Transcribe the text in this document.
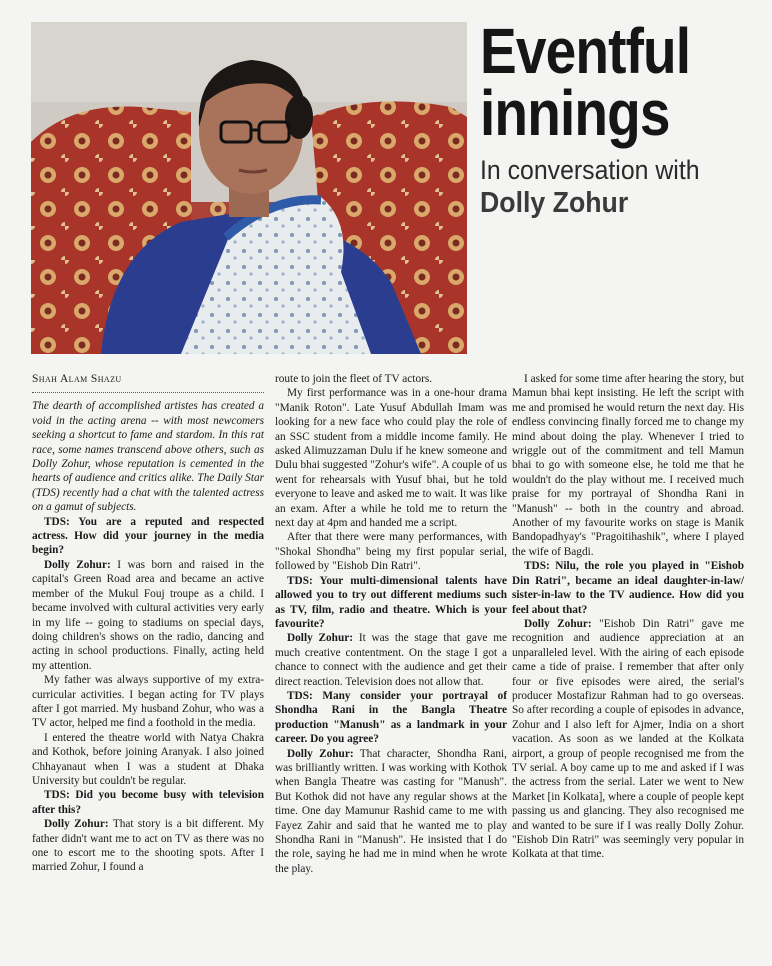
Eventful
innings
In conversation with
Dolly Zohur

Shah Alam Shazu

The dearth of accomplished artistes has created a void in the acting arena -- with most newcomers seeking a shortcut to fame and stardom. In this rat race, some names transcend above others, such as Dolly Zohur, whose reputation is cemented in the hearts of audience and critics alike. The Daily Star (TDS) recently had a chat with the talented actress on a gamut of subjects.

TDS: You are a reputed and respected actress. How did your journey in the media begin?

Dolly Zohur: I was born and raised in the capital's Green Road area and became an active member of the Mukul Fouj troupe as a child. I became involved with cultural activities very early in my life -- going to stadiums on special days, doing children's shows on the radio, dancing and acting in school productions. Finally, acting held my attention.

My father was always supportive of my extra-curricular activities. I began acting for TV plays after I got married. My husband Zohur, who was a TV actor, helped me find a foothold in the media.

I entered the theatre world with Natya Chakra and Kothok, before joining Aranyak. I also joined Chhayanaut when I was a student at Dhaka University but couldn't be regular.

TDS: Did you become busy with television after this?

Dolly Zohur: That story is a bit different. My father didn't want me to act on TV as there was no one to escort me to the shooting spots. After I married Zohur, I found a

route to join the fleet of TV actors.

My first performance was in a one-hour drama "Manik Roton". Late Yusuf Abdullah Imam was looking for a new face who could play the role of an SSC student from a middle income family. He asked Alimuzzaman Dulu if he knew someone and Dulu bhai suggested "Zohur's wife". A couple of us went for rehearsals with Yusuf bhai, but he told everyone to leave and asked me to wait. It was like an exam. After a while he told me to return the next day at 4pm and handed me a script.

After that there were many performances, with "Shokal Shondha" being my first popular serial, followed by "Eishob Din Ratri".

TDS: Your multi-dimensional talents have allowed you to try out different mediums such as TV, film, radio and theatre. Which is your favourite?

Dolly Zohur: It was the stage that gave me much creative contentment. On the stage I got a chance to connect with the audience and get their direct reaction. Television does not allow that.

TDS: Many consider your portrayal of Shondha Rani in the Bangla Theatre production "Manush" as a landmark in your career. Do you agree?

Dolly Zohur: That character, Shondha Rani, was brilliantly written. I was working with Kothok when Bangla Theatre was casting for "Manush". But Kothok did not have any regular shows at the time. One day Mamunur Rashid came to me with Fayez Zahir and said that he wanted me to play Shondha Rani in "Manush". He insisted that I do the role, saying he had me in mind when he wrote the play.

I asked for some time after hearing the story, but Mamun bhai kept insisting. He left the script with me and promised he would return the next day. His endless convincing finally forced me to change my mind about doing the play. Whenever I tried to wriggle out of the commitment and tell Mamun bhai to go with someone else, he told me that he wouldn't do the play without me. I received much praise for my portrayal of Shondha Rani in "Manush" -- both in the country and abroad. Another of my favourite works on stage is Manik Bandopadhyay's "Pragoitihashik", where I played the wife of Bagdi.

TDS: Nilu, the role you played in "Eishob Din Ratri", became an ideal daughter-in-law/ sister-in-law to the TV audience. How did you feel about that?

Dolly Zohur: "Eishob Din Ratri" gave me recognition and audience appreciation at an unparalleled level. With the airing of each episode came a tide of praise. I remember that after only four or five episodes were aired, the serial's producer Mostafizur Rahman had to go overseas. So after recording a couple of episodes in advance, Zohur and I also left for Ajmer, India on a short vacation. As soon as we landed at the Kolkata airport, a group of people recognised me from the TV serial. A boy came up to me and asked if I was the actress from the serial. Later we went to New Market [in Kolkata], where a couple of people kept passing us and glancing. They also recognised me and wanted to be sure if I was really Dolly Zohur. "Eishob Din Ratri" was seemingly very popular in Kolkata at that time.
